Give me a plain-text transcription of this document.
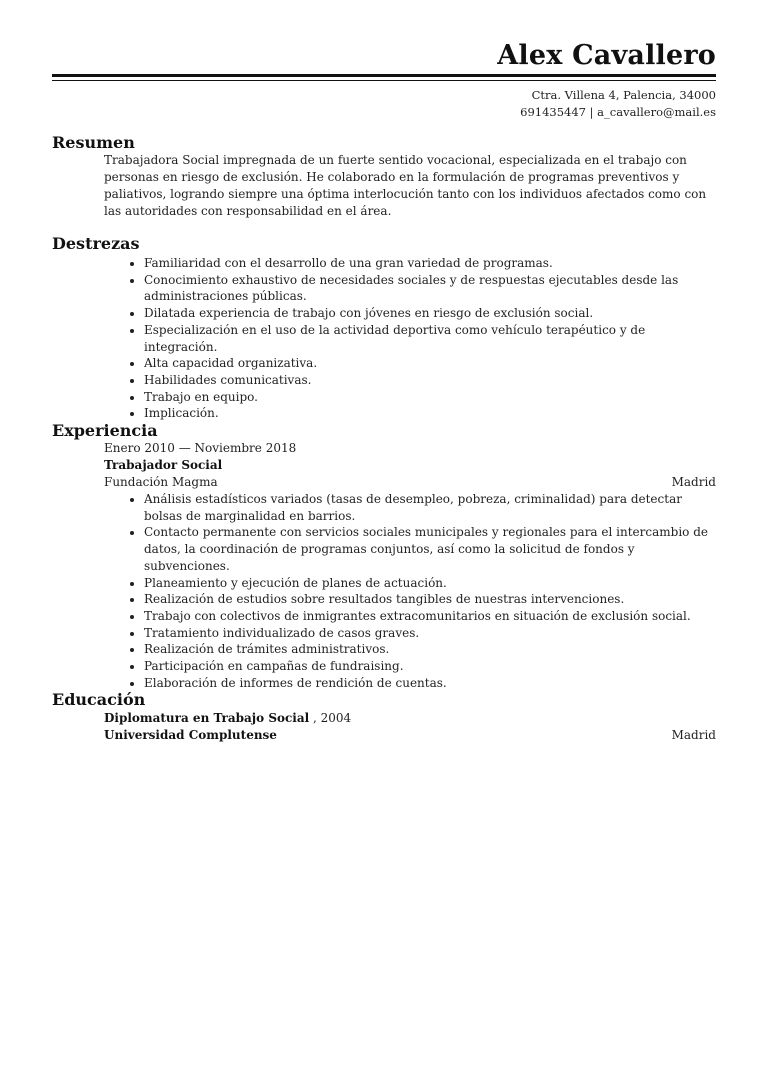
Alex Cavallero
Ctra. Villena 4, Palencia, 34000
691435447 | a_cavallero@mail.es
Resumen
Trabajadora Social impregnada de un fuerte sentido vocacional, especializada en el trabajo con personas en riesgo de exclusión. He colaborado en la formulación de programas preventivos y paliativos, logrando siempre una óptima interlocución tanto con los individuos afectados como con las autoridades con responsabilidad en el área.
Destrezas
• Familiaridad con el desarrollo de una gran variedad de programas.
• Conocimiento exhaustivo de necesidades sociales y de respuestas ejecutables desde las administraciones públicas.
• Dilatada experiencia de trabajo con jóvenes en riesgo de exclusión social.
• Especialización en el uso de la actividad deportiva como vehículo terapéutico y de integración.
• Alta capacidad organizativa.
• Habilidades comunicativas.
• Trabajo en equipo.
• Implicación.
Experiencia
Enero 2010 — Noviembre 2018
Trabajador Social
Fundación Magma	Madrid
• Análisis estadísticos variados (tasas de desempleo, pobreza, criminalidad) para detectar bolsas de marginalidad en barrios.
• Contacto permanente con servicios sociales municipales y regionales para el intercambio de datos, la coordinación de programas conjuntos, así como la solicitud de fondos y subvenciones.
• Planeamiento y ejecución de planes de actuación.
• Realización de estudios sobre resultados tangibles de nuestras intervenciones.
• Trabajo con colectivos de inmigrantes extracomunitarios en situación de exclusión social.
• Tratamiento individualizado de casos graves.
• Realización de trámites administrativos.
• Participación en campañas de fundraising.
• Elaboración de informes de rendición de cuentas.
Educación
Diplomatura en Trabajo Social , 2004
Universidad Complutense	Madrid
